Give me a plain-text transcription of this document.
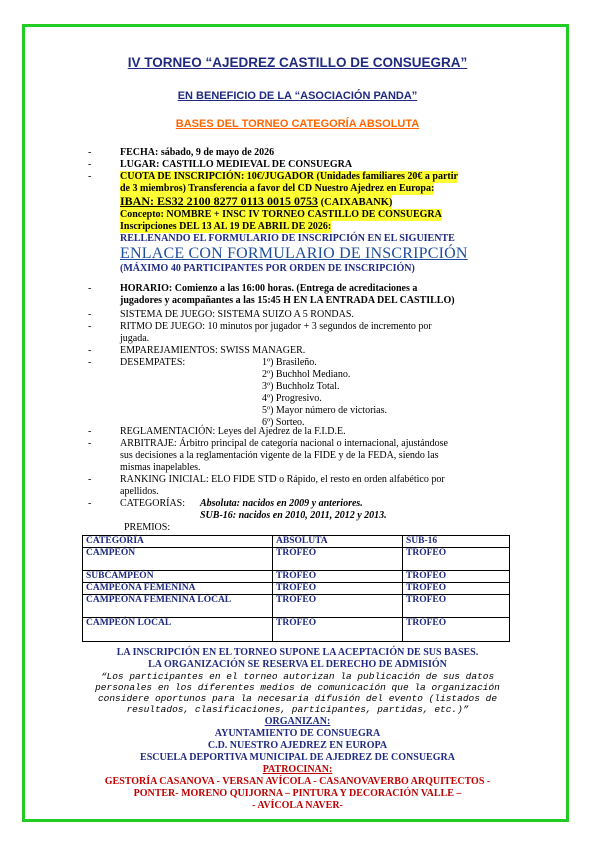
IV TORNEO “AJEDREZ CASTILLO DE CONSUEGRA”
EN BENEFICIO DE LA “ASOCIACIÓN PANDA”
BASES DEL TORNEO CATEGORÍA ABSOLUTA
-
-
-
-
-
-
-
-
-
-
-
-
FECHA: sábado, 9 de mayo de 2026
LUGAR: CASTILLO MEDIEVAL DE CONSUEGRA
CUOTA DE INSCRIPCIÓN: 10€/JUGADOR (Unidades familiares 20€ a partir
de 3 miembros) Transferencia a favor del CD Nuestro Ajedrez en Europa:
IBAN: ES32 2100 8277 0113 0015 0753 (CAIXABANK)
Concepto: NOMBRE + INSC IV TORNEO CASTILLO DE CONSUEGRA
Inscripciones DEL 13 AL 19 DE ABRIL DE 2026:
RELLENANDO EL FORMULARIO DE INSCRIPCIÓN EN EL SIGUIENTE
ENLACE CON FORMULARIO DE INSCRIPCIÓN
(MÁXIMO 40 PARTICIPANTES POR ORDEN DE INSCRIPCIÓN)
HORARIO: Comienzo a las 16:00 horas. (Entrega de acreditaciones a
jugadores y acompañantes a las 15:45 H EN LA ENTRADA DEL CASTILLO)
SISTEMA DE JUEGO: SISTEMA SUIZO A 5 RONDAS.
RITMO DE JUEGO: 10 minutos por jugador + 3 segundos de incremento por
jugada.
EMPAREJAMIENTOS: SWISS MANAGER.
DESEMPATES:	1º) Brasileño.
2º) Buchhol Mediano.
3º) Buchholz Total.
4º) Progresivo.
5º) Mayor número de victorias.
6º) Sorteo.
REGLAMENTACIÓN: Leyes del Ajedrez de la F.I.D.E.
ARBITRAJE: Árbitro principal de categoría nacional o internacional, ajustándose
sus decisiones a la reglamentación vigente de la FIDE y de la FEDA, siendo las
mismas inapelables.
RANKING INICIAL: ELO FIDE STD o Rápido, el resto en orden alfabético por
apellidos.
CATEGORÍAS: Absoluta: nacidos en 2009 y anteriores.
SUB-16: nacidos en 2010, 2011, 2012 y 2013.
PREMIOS:
CATEGORÍA	ABSOLUTA	SUB-16
CAMPEÓN	TROFEO	TROFEO
SUBCAMPEÓN	TROFEO	TROFEO
CAMPEONA FEMENINA	TROFEO	TROFEO
CAMPEONA FEMENINA LOCAL	TROFEO	TROFEO
CAMPEÓN LOCAL	TROFEO	TROFEO
LA INSCRIPCIÓN EN EL TORNEO SUPONE LA ACEPTACIÓN DE SUS BASES.
LA ORGANIZACIÓN SE RESERVA EL DERECHO DE ADMISIÓN
“Los participantes en el torneo autorizan la publicación de sus datos
personales en los diferentes medios de comunicación que la organización
considere oportunos para la necesaria difusión del evento (listados de
resultados, clasificaciones, participantes, partidas, etc.)”
ORGANIZAN:
AYUNTAMIENTO DE CONSUEGRA
C.D. NUESTRO AJEDREZ EN EUROPA
ESCUELA DEPORTIVA MUNICIPAL DE AJEDREZ DE CONSUEGRA
PATROCINAN:
GESTORÍA CASANOVA - VERSAN AVÍCOLA - CASANOVAVERBO ARQUITECTOS -
PONTER- MORENO QUIJORNA – PINTURA Y DECORACIÓN VALLE –
- AVÍCOLA NAVER-
